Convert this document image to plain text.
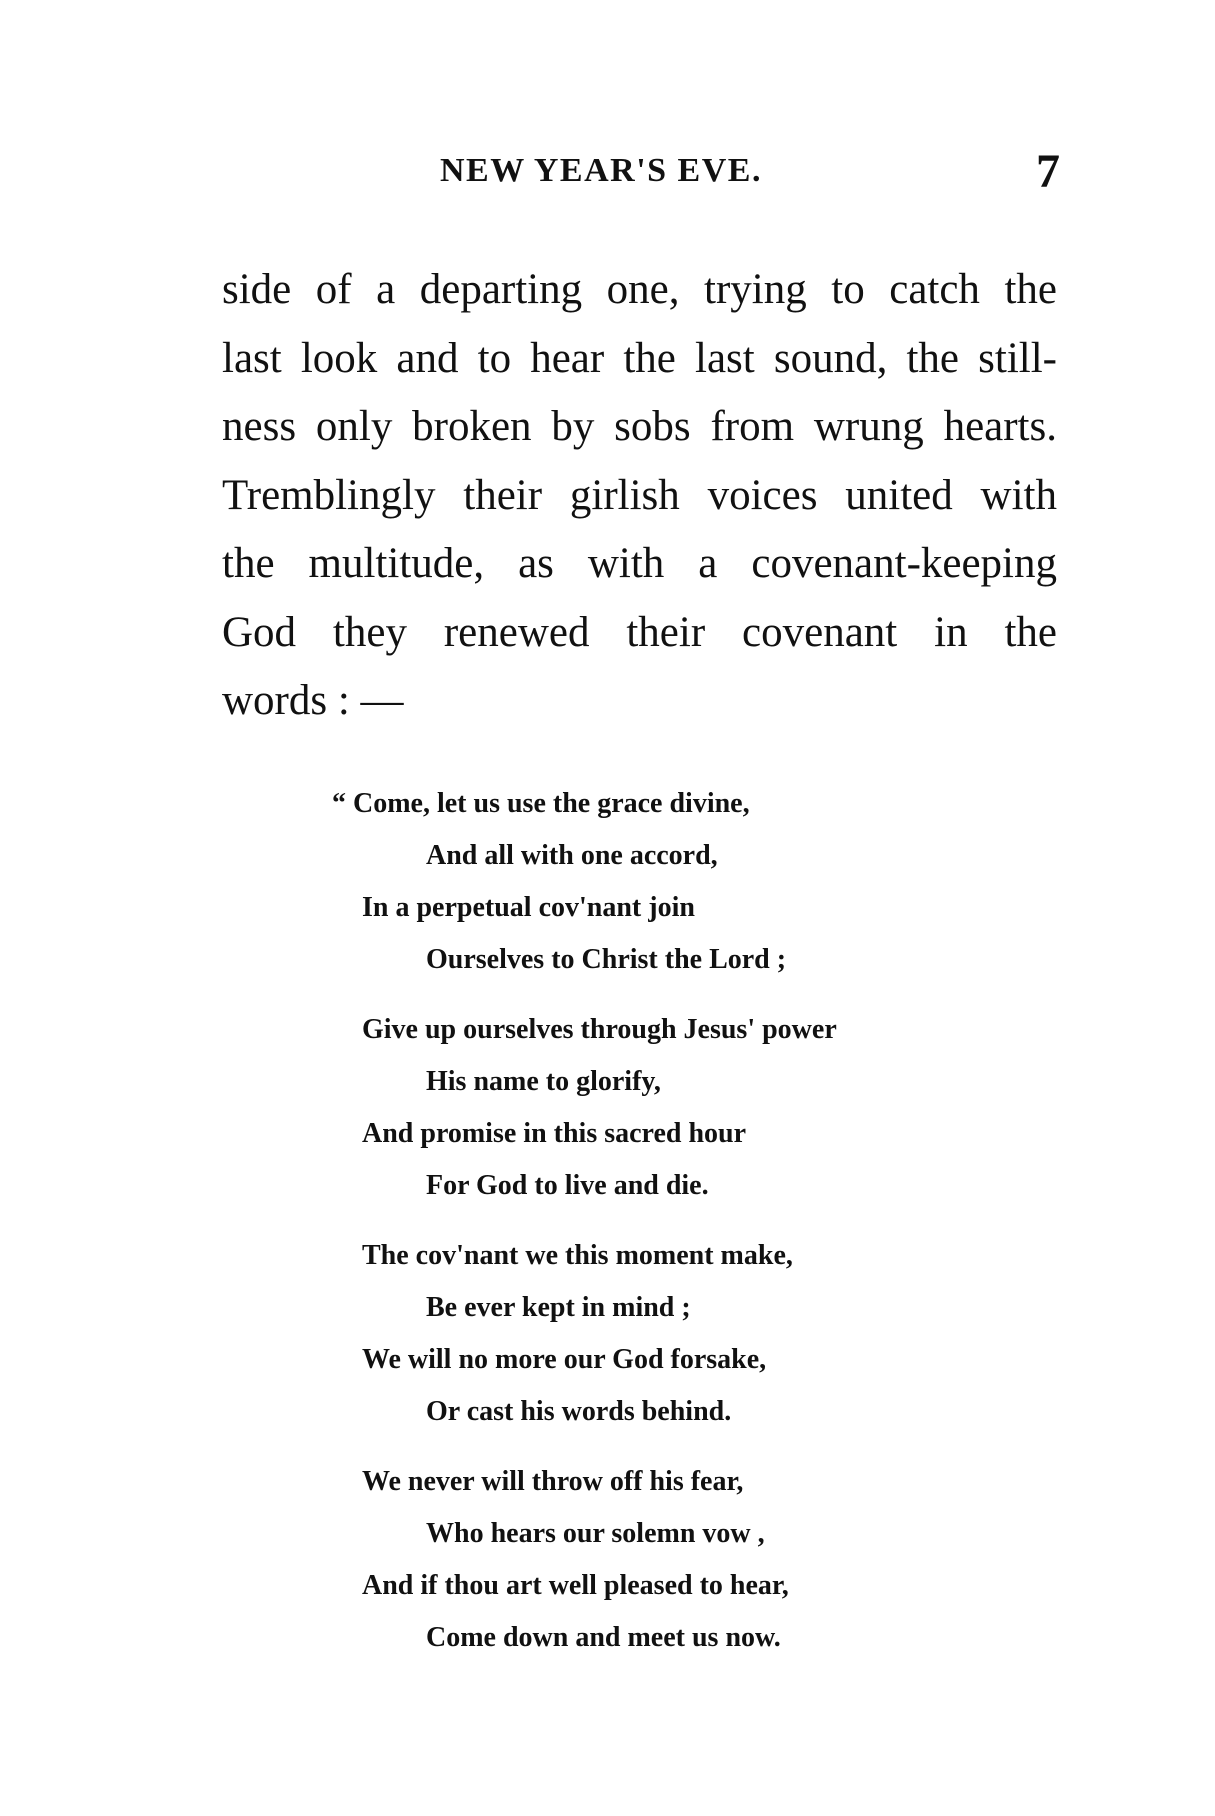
NEW YEAR'S EVE.	7
side of a departing one, trying to catch the
last look and to hear the last sound, the still-
ness only broken by sobs from wrung hearts.
Tremblingly their girlish voices united with
the multitude, as with a covenant-keeping
God they renewed their covenant in the
words : —
“ Come, let us use the grace divine,
And all with one accord,
In a perpetual cov'nant join
Ourselves to Christ the Lord ;
Give up ourselves through Jesus' power
His name to glorify,
And promise in this sacred hour
For God to live and die.
The cov'nant we this moment make,
Be ever kept in mind ;
We will no more our God forsake,
Or cast his words behind.
We never will throw off his fear,
Who hears our solemn vow ,
And if thou art well pleased to hear,
Come down and meet us now.
